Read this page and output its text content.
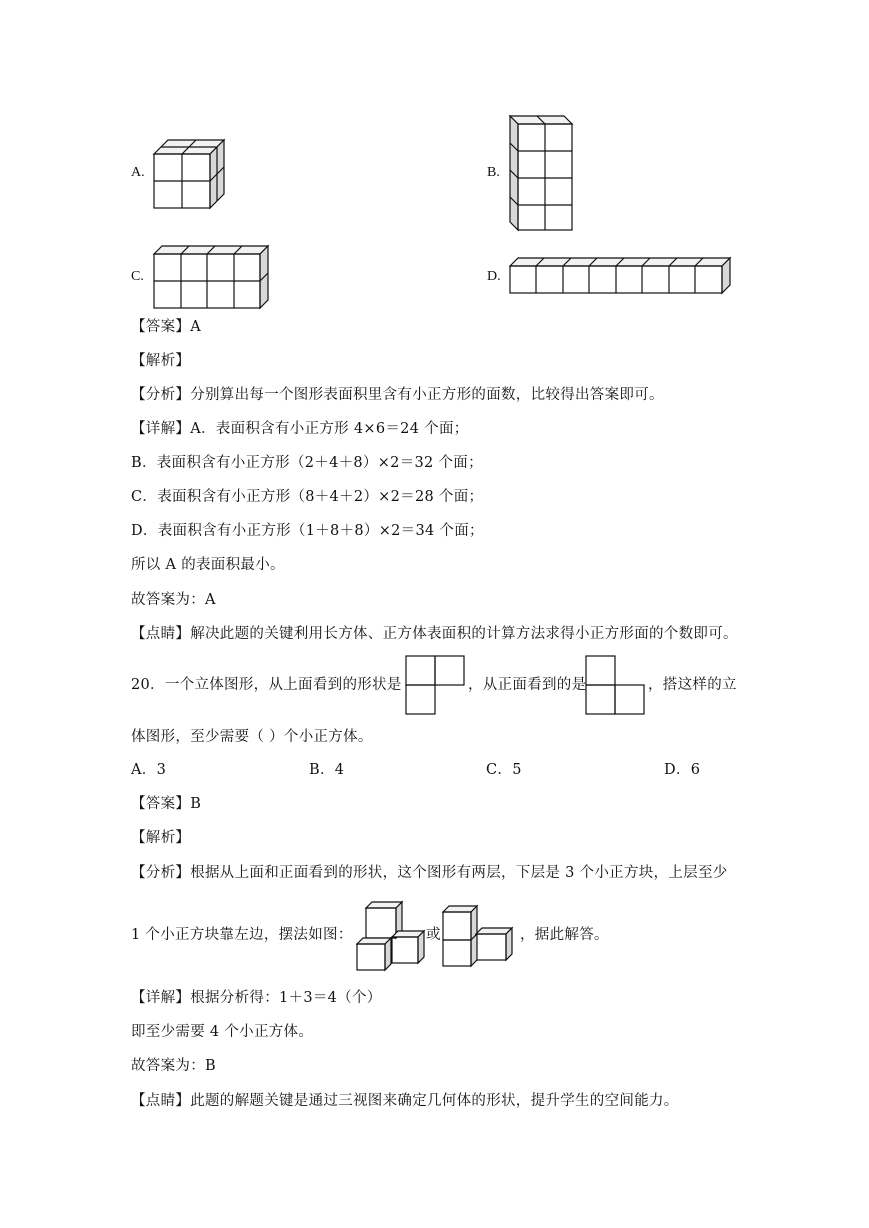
A.	B.
C.	D.
【答案】A
【解析】
【分析】分别算出每一个图形表面积里含有小正方形的面数，比较得出答案即可。
【详解】A．表面积含有小正方形 4×6＝24 个面；
B．表面积含有小正方形（2＋4＋8）×2＝32 个面；
C．表面积含有小正方形（8＋4＋2）×2＝28 个面；
D．表面积含有小正方形（1＋8＋8）×2＝34 个面；
所以 A 的表面积最小。
故答案为：A
【点睛】解决此题的关键利用长方体、正方体表面积的计算方法求得小正方形面的个数即可。
20．一个立体图形，从上面看到的形状是	，从正面看到的是	，搭这样的立
体图形，至少需要（ ）个小正方体。
A．3	B．4	C．5	D．6
【答案】B
【解析】
【分析】根据从上面和正面看到的形状，这个图形有两层，下层是 3 个小正方块，上层至少
1 个小正方块靠左边，摆法如图：	或	，据此解答。
【详解】根据分析得：1＋3＝4（个）
即至少需要 4 个小正方体。
故答案为：B
【点睛】此题的解题关键是通过三视图来确定几何体的形状，提升学生的空间能力。
